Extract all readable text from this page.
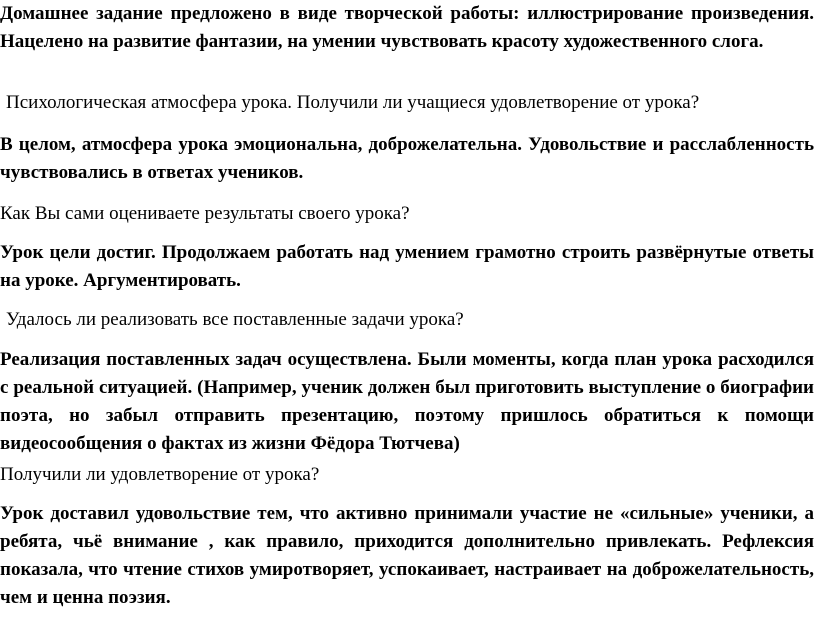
Домашнее задание предложено в виде творческой работы: иллюстрирование произведения. Нацелено на развитие фантазии, на умении чувствовать красоту художественного слога.

Психологическая атмосфера урока. Получили ли учащиеся удовлетворение от урока?

В целом, атмосфера урока эмоциональна, доброжелательна. Удовольствие и расслабленность чувствовались в ответах учеников.

Как Вы сами оцениваете результаты своего урока?

Урок цели достиг. Продолжаем работать над умением грамотно строить развёрнутые ответы на уроке. Аргументировать.

Удалось ли реализовать все поставленные задачи урока?

Реализация поставленных задач осуществлена. Были моменты, когда план урока расходился с реальной ситуацией. (Например, ученик должен был приготовить выступление о биографии поэта, но забыл отправить презентацию, поэтому пришлось обратиться к помощи видеосообщения о фактах из жизни Фёдора Тютчева)

Получили ли удовлетворение от урока?

Урок доставил удовольствие тем, что активно принимали участие не «сильные» ученики, а ребята, чьё внимание , как правило, приходится дополнительно привлекать. Рефлексия показала, что чтение стихов умиротворяет, успокаивает, настраивает на доброжелательность, чем и ценна поэзия.
